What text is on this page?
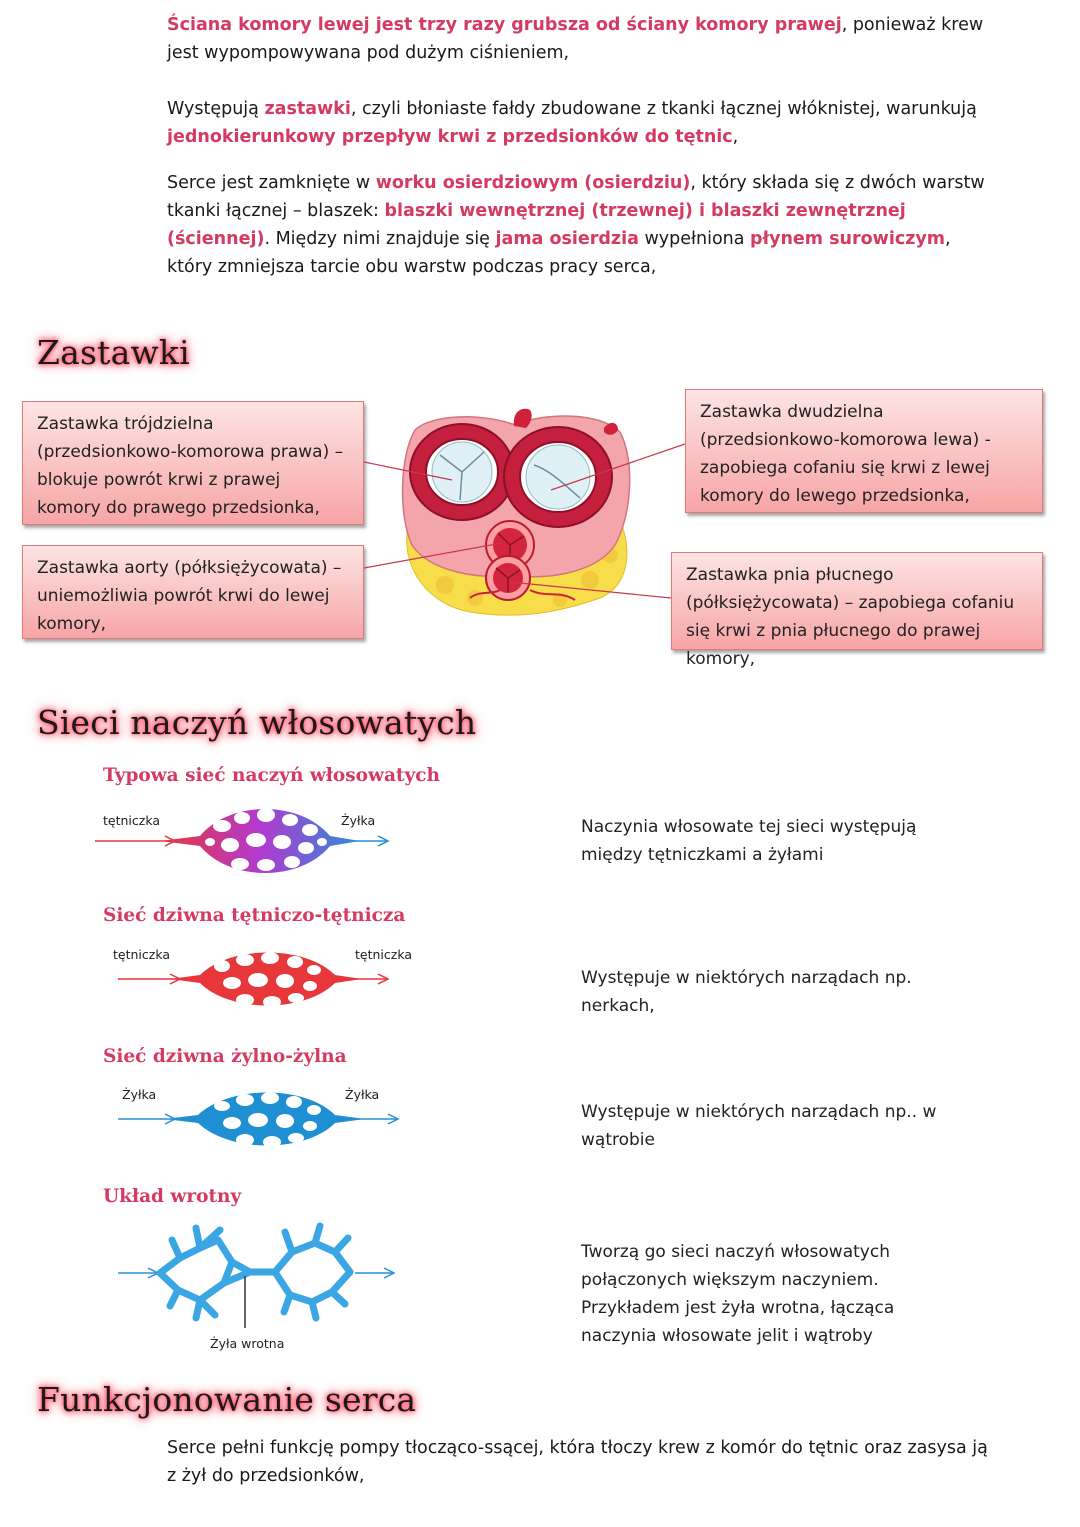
Ściana komory lewej jest trzy razy grubsza od ściany komory prawej, ponieważ krew jest wypompowywana pod dużym ciśnieniem,
Występują zastawki, czyli błoniaste fałdy zbudowane z tkanki łącznej włóknistej, warunkują jednokierunkowy przepływ krwi z przedsionków do tętnic,
Serce jest zamknięte w worku osierdziowym (osierdziu), który składa się z dwóch warstw tkanki łącznej – blaszek: blaszki wewnętrznej (trzewnej) i blaszki zewnętrznej (ściennej). Między nimi znajduje się jama osierdzia wypełniona płynem surowiczym, który zmniejsza tarcie obu warstw podczas pracy serca,
Zastawki
Zastawka trójdzielna (przedsionkowo-komorowa prawa) – blokuje powrót krwi z prawej komory do prawego przedsionka,
Zastawka dwudzielna (przedsionkowo-komorowa lewa) - zapobiega cofaniu się krwi z lewej komory do lewego przedsionka,
Zastawka aorty (półksiężycowata) – uniemożliwia powrót krwi do lewej komory,
Zastawka pnia płucnego (półksiężycowata) – zapobiega cofaniu się krwi z pnia płucnego do prawej komory,
Sieci naczyń włosowatych
Typowa sieć naczyń włosowatych
tętniczka	Żyłka	Naczynia włosowate tej sieci występują między tętniczkami a żyłami
Sieć dziwna tętniczo-tętnicza
tętniczka	tętniczka
Występuje w niektórych narządach np. nerkach,
Sieć dziwna żylno-żylna
Żyłka	Żyłka
Występuje w niektórych narządach np.. w wątrobie
Układ wrotny
Żyła wrotna
Tworzą go sieci naczyń włosowatych połączonych większym naczyniem. Przykładem jest żyła wrotna, łącząca naczynia włosowate jelit i wątroby
Funkcjonowanie serca
Serce pełni funkcję pompy tłocząco-ssącej, która tłoczy krew z komór do tętnic oraz zasysa ją z żył do przedsionków,
